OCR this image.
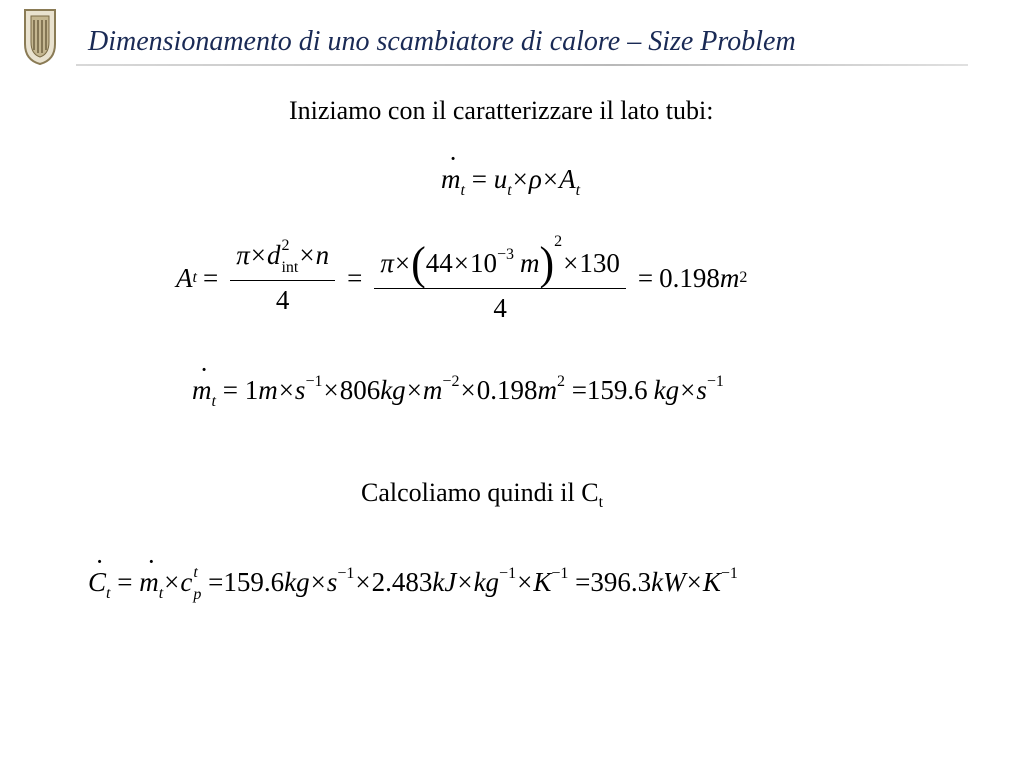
Dimensionamento di uno scambiatore di calore – Size Problem
Iniziamo con il caratterizzare il lato tubi:
· $m_t = u_t\times\rho\times A_t$
A t = π×d 2
int ×n
$4 = \frac{\pi\times(44\times 10^{-3} m)^2\times 130}{4} = 0.198$ m 2
· $m_t = 1m\times s^{-1}\times 806kg\times m^{-2}\times 0.198m^2 =159.6$ $kg\times s^{-1}$
Calcoliamo quindi il $C_t$
· $C_t$ = · $m_t\times c$ t
$p =159.6kg\times s^{-1}\times 2.483kJ\times kg^{-1}\times K^{-1} =396.3kW\times K^{-1}$
